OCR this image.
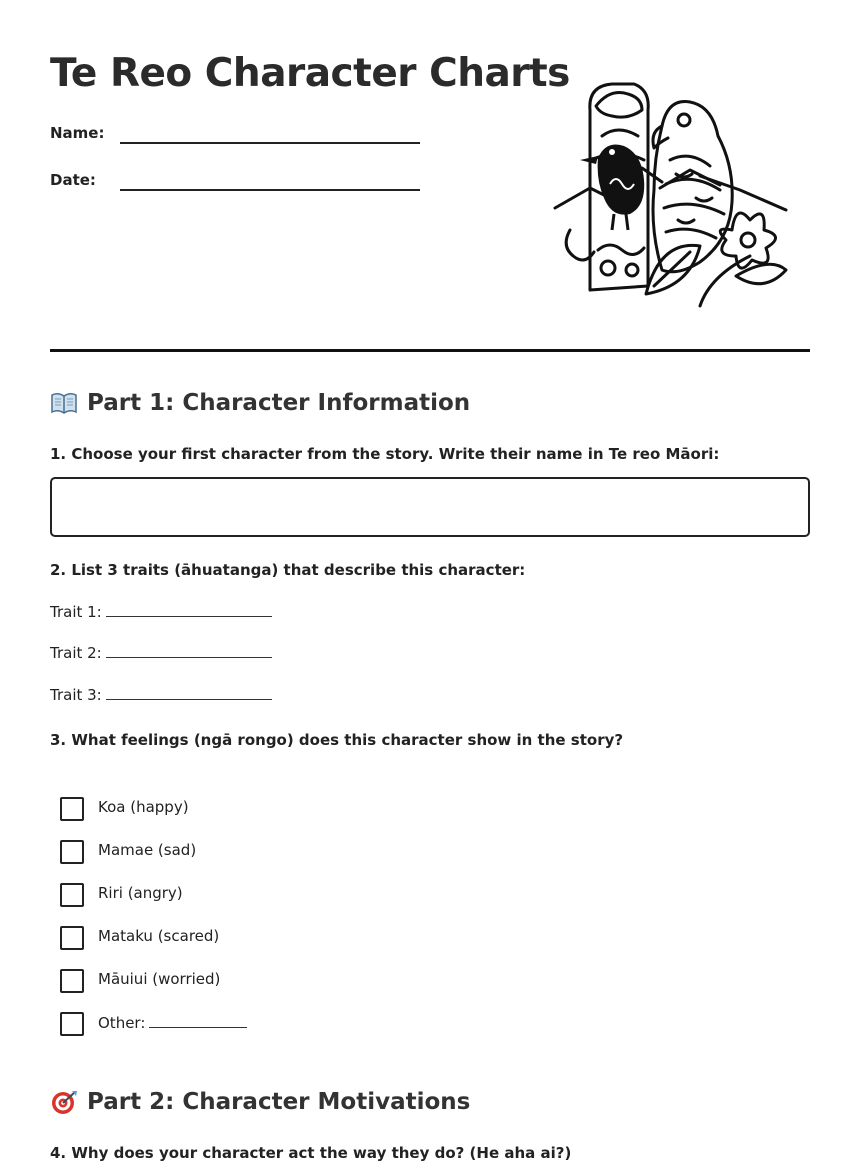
Te Reo Character Charts
Name:
Date:
Part 1: Character Information

1. Choose your first character from the story. Write their name in Te reo Māori:

2. List 3 traits (āhuatanga) that describe this character:

Trait 1:
Trait 2:
Trait 3:

3. What feelings (ngā rongo) does this character show in the story?

Koa (happy)
Mamae (sad)
Riri (angry)
Mataku (scared)
Māuiui (worried)
Other:
Part 2: Character Motivations

4. Why does your character act the way they do? (He aha ai?)
